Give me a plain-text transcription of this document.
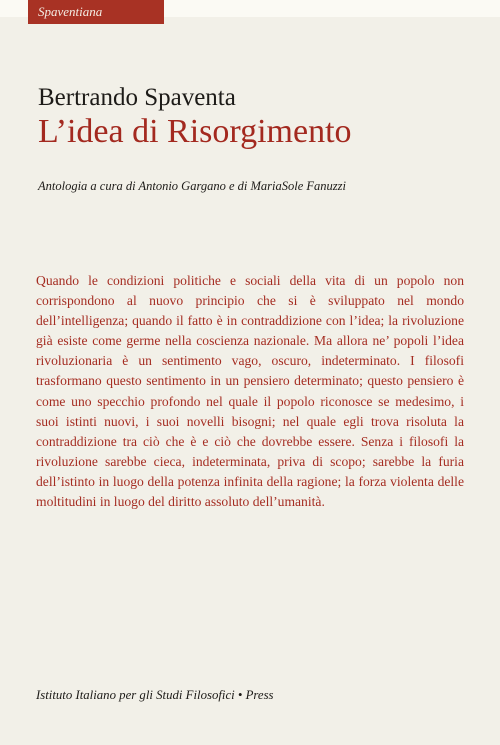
Spaventiana
Bertrando Spaventa
L’idea di Risorgimento
Antologia a cura di Antonio Gargano e di MariaSole Fanuzzi

Quando le condizioni politiche e sociali della vita di un popolo non corrispondono al nuovo principio che si è sviluppato nel mondo dell’intelligenza; quando il fatto è in contraddizione con l’idea; la rivoluzione già esiste come germe nella coscienza nazionale. Ma allora ne’ popoli l’idea rivoluzionaria è un sentimento vago, oscuro, indeterminato. I filosofi trasformano questo sentimento in un pensiero determinato; questo pensiero è come uno specchio profondo nel quale il popolo riconosce se medesimo, i suoi istinti nuovi, i suoi novelli bisogni; nel quale egli trova risoluta la contraddizione tra ciò che è e ciò che dovrebbe essere. Senza i filosofi la rivoluzione sarebbe cieca, indeterminata, priva di scopo; sarebbe la furia dell’istinto in luogo della potenza infinita della ragione; la forza violenta delle moltitudini in luogo del diritto assoluto dell’umanità.

Istituto Italiano per gli Studi Filosofici • Press
